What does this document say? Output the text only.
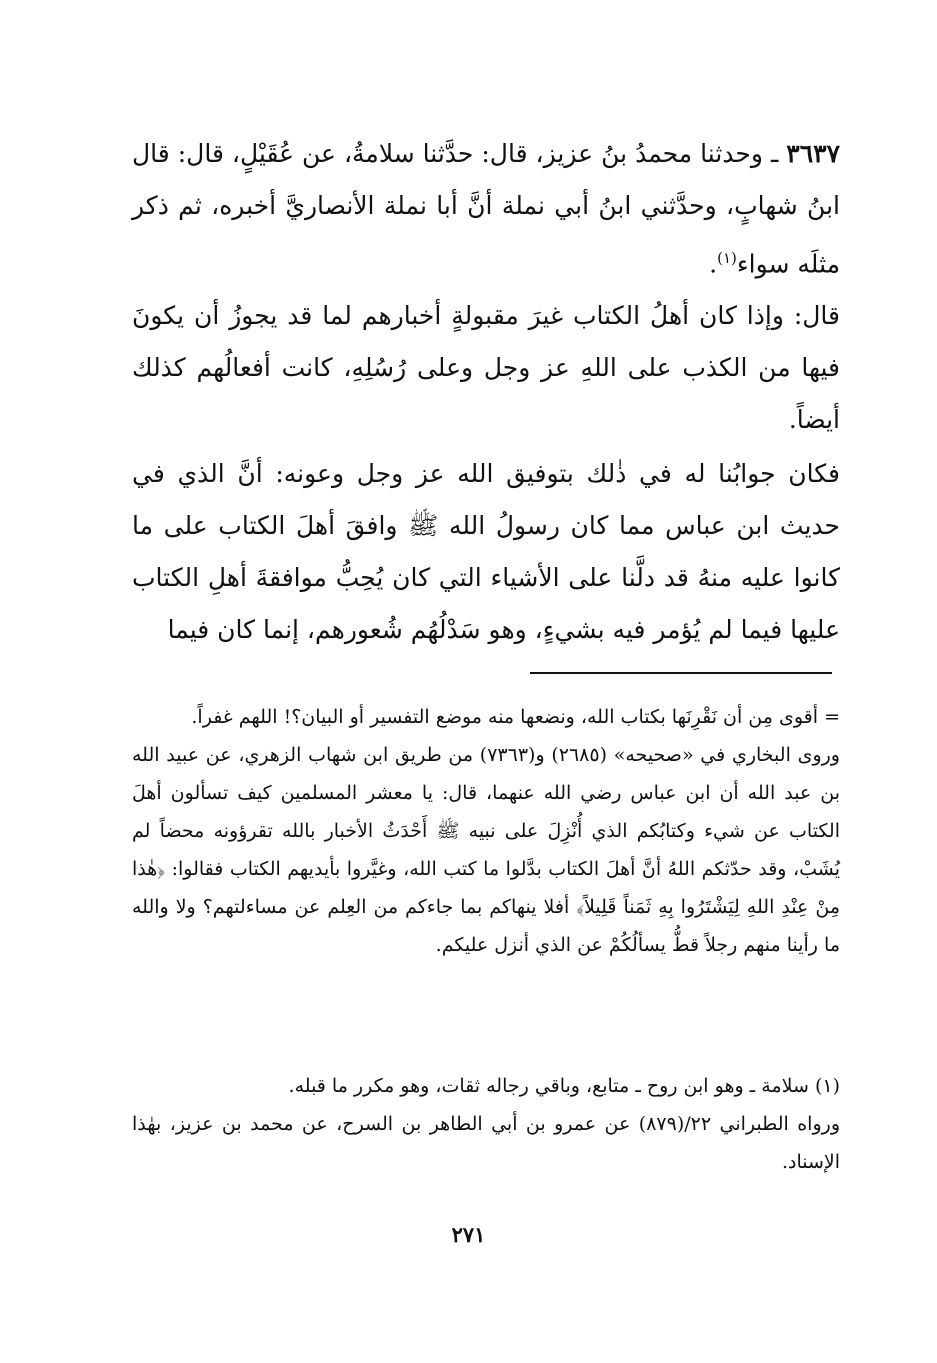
٣٦٣٧ ـ وحدثنا محمدُ بنُ عزيز، قال: حدَّثنا سلامةُ، عن عُقَيْلٍ، قال: قال ابنُ شهابٍ، وحدَّثني ابنُ أبي نملة أنَّ أبا نملة الأنصاريَّ أخبره، ثم ذكر مثلَه سواء$^{(١)}$.

قال: وإذا كان أهلُ الكتاب غيرَ مقبولةٍ أخبارهم لما قد يجوزُ أن يكونَ فيها من الكذب على اللهِ عز وجل وعلى رُسُلِهِ، كانت أفعالُهم كذلك أيضاً.

فكان جوابُنا له في ذٰلك بتوفيق الله عز وجل وعونه: أنَّ الذي في حديث ابن عباس مما كان رسولُ الله ﷺ وافقَ أهلَ الكتاب على ما كانوا عليه منهُ قد دلَّنا على الأشياء التي كان يُحِبُّ موافقةَ أهلِ الكتاب عليها فيما لم يُؤمر فيه بشيءٍ، وهو سَدْلُهُم شُعورهم، إنما كان فيما

= أقوى مِن أن نَقْرِنَها بكتاب الله، ونضعها منه موضع التفسير أو البيان؟! اللهم غفراً.

وروى البخاري في «صحيحه» (٢٦٨٥) و(٧٣٦٣) من طريق ابن شهاب الزهري، عن عبيد الله بن عبد الله أن ابن عباس رضي الله عنهما، قال: يا معشر المسلمين كيف تسألون أهلَ الكتاب عن شيء وكتابُكم الذي أُنْزِلَ على نبيه ﷺ أَحْدَثُ الأخبار بالله تقرؤونه محضاً لم يُشَبْ، وقد حدّثكم اللهُ أنَّ أهلَ الكتاب بدَّلوا ما كتب الله، وغيَّروا بأيديهم الكتاب فقالوا: ﴿هٰذا مِنْ عِنْدِ اللهِ لِيَشْتَرُوا بِهِ ثَمَناً قَلِيلاً﴾ أفلا ينهاكم بما جاءكم من العِلم عن مساءلتهم؟ ولا والله ما رأينا منهم رجلاً قطُّ يسألُكُمْ عن الذي أنزل عليكم.

(١) سلامة ـ وهو ابن روح ـ متابع، وباقي رجاله ثقات، وهو مكرر ما قبله.

ورواه الطبراني ٢٢/(٨٧٩) عن عمرو بن أبي الطاهر بن السرح، عن محمد بن عزيز، بهٰذا الإسناد.

٢٧١
